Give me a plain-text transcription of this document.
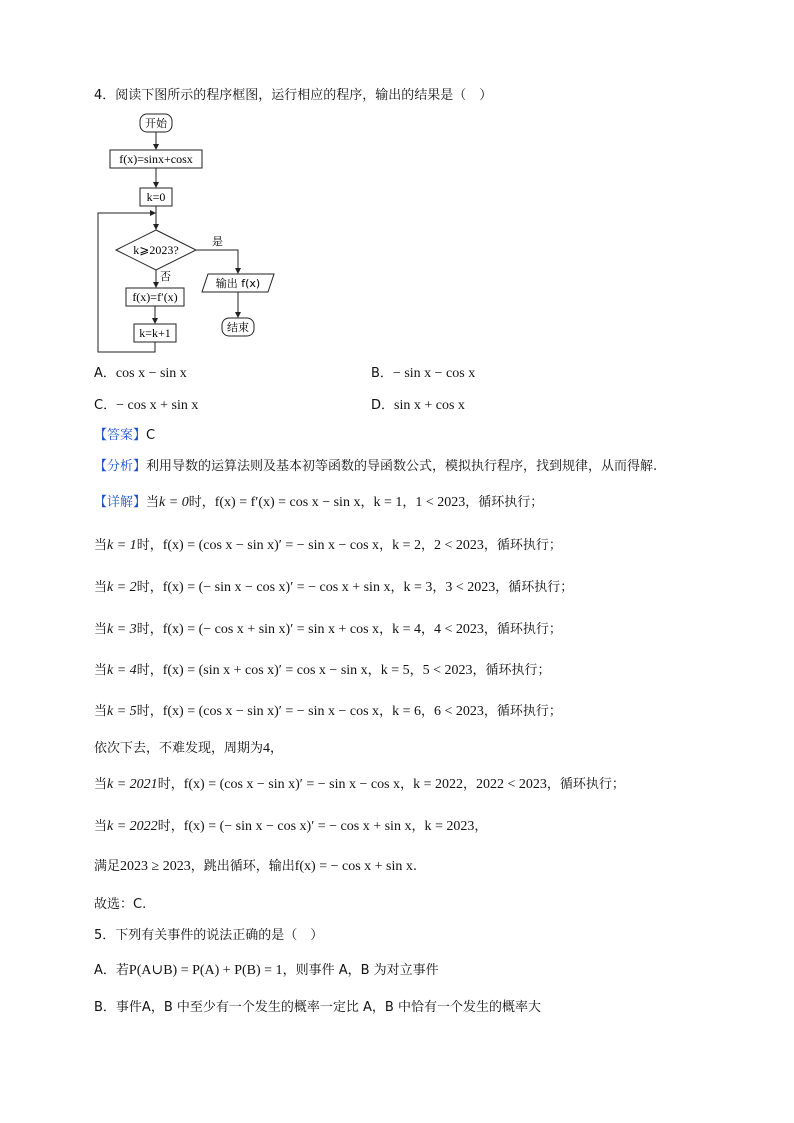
4．阅读下图所示的程序框图，运行相应的程序，输出的结果是（　）
开始
f(x)=sinx+cosx
k=0
k⩾2023?
是
否
f(x)=f′(x)
k=k+1
输出 f(x)
结束
A．cos x − sin x	B．− sin x − cos x
C．− cos x + sin x	D．sin x + cos x
【答案】C
【分析】利用导数的运算法则及基本初等函数的导函数公式，模拟执行程序，找到规律，从而得解.
【详解】当k = 0时，f(x) = f′(x) = cos x − sin x，k = 1，1 < 2023，循环执行；
当k = 1时，f(x) = (cos x − sin x)′ = − sin x − cos x，k = 2，2 < 2023，循环执行；
当k = 2时，f(x) = (− sin x − cos x)′ = − cos x + sin x，k = 3，3 < 2023，循环执行；
当k = 3时，f(x) = (− cos x + sin x)′ = sin x + cos x，k = 4，4 < 2023，循环执行；
当k = 4时，f(x) = (sin x + cos x)′ = cos x − sin x，k = 5，5 < 2023，循环执行；
当k = 5时，f(x) = (cos x − sin x)′ = − sin x − cos x，k = 6，6 < 2023，循环执行；
依次下去，不难发现，周期为4，
当k = 2021时，f(x) = (cos x − sin x)′ = − sin x − cos x，k = 2022，2022 < 2023，循环执行；
当k = 2022时，f(x) = (− sin x − cos x)′ = − cos x + sin x，k = 2023，
满足2023 ≥ 2023，跳出循环，输出f(x) = − cos x + sin x.
故选：C.
5．下列有关事件的说法正确的是（　）
A．若P(A∪B) = P(A) + P(B) = 1，则事件 A，B 为对立事件
B．事件A，B 中至少有一个发生的概率一定比 A，B 中恰有一个发生的概率大
